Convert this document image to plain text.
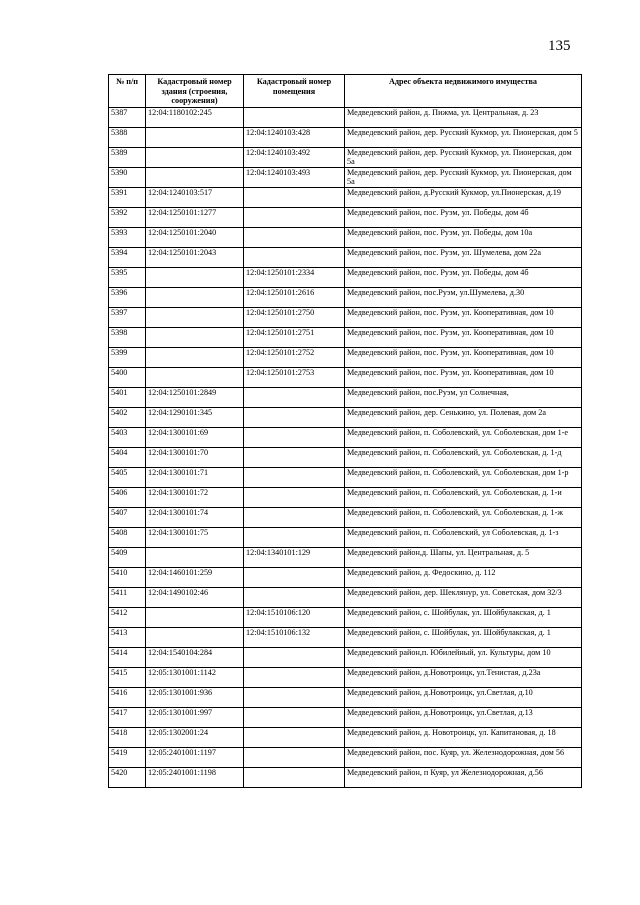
135
№ п/п	Кадастровый номер здания (строения, сооружения)	Кадастровый номер помещения	Адрес объекта недвижимого имущества
5387	12:04:1180102:245		Медведевский район, д. Пижма, ул. Центральная, д. 23
5388		12:04:1240103:428	Медведевский район, дер. Русский Кукмор, ул. Пионерская, дом 5
5389		12:04:1240103:492	Медведевский район, дер. Русский Кукмор, ул. Пионерская, дом 5а
5390		12:04:1240103:493	Медведевский район, дер. Русский Кукмор, ул. Пионерская, дом 5а
5391	12:04:1240103:517		Медведевский район, д.Русский Кукмор, ул.Пионерская, д.19
5392	12:04:1250101:1277		Медведевский район, пос. Руэм, ул. Победы, дом 4б
5393	12:04:1250101:2040		Медведевский район, пос. Руэм, ул. Победы, дом 10а
5394	12:04:1250101:2043		Медведевский район, пос. Руэм, ул. Шумелева, дом 22а
5395		12:04:1250101:2334	Медведевский район, пос. Руэм, ул. Победы, дом 4б
5396		12:04:1250101:2616	Медведевский район, пос.Руэм, ул.Шумелева, д.30
5397		12:04:1250101:2750	Медведевский район, пос. Руэм, ул. Кооперативная, дом 10
5398		12:04:1250101:2751	Медведевский район, пос. Руэм, ул. Кооперативная, дом 10
5399		12:04:1250101:2752	Медведевский район, пос. Руэм, ул. Кооперативная, дом 10
5400		12:04:1250101:2753	Медведевский район, пос. Руэм, ул. Кооперативная, дом 10
5401	12:04:1250101:2849		Медведевский район, пос.Руэм, ул Солнечная,
5402	12:04:1290101:345		Медведевский район, дер. Сенькино, ул. Полевая, дом 2а
5403	12:04:1300101:69		Медведевский район, п. Соболевский, ул. Соболевская, дом 1-е
5404	12:04:1300101:70		Медведевский район, п. Соболевский, ул. Соболевская, д. 1-д
5405	12:04:1300101:71		Медведевский район, п. Соболевский, ул. Соболевская, дом 1-р
5406	12:04:1300101:72		Медведевский район, п. Соболевский, ул. Соболевская, д. 1-и
5407	12:04:1300101:74		Медведевский район, п. Соболевский, ул. Соболевская, д. 1-ж
5408	12:04:1300101:75		Медведевский район, п. Соболевский, ул Соболевская, д. 1-з
5409		12:04:1340101:129	Медведевский район,д. Шапы, ул. Центральная, д. 5
5410	12:04:1460101:259		Медведевский район, д. Федоскино, д. 112
5411	12:04:1490102:46		Медведевский район, дер. Шеклянур, ул. Советская, дом 32/3
5412		12:04:1510106:120	Медведевский район, с. Шойбулак, ул. Шойбулакская, д. 1
5413		12:04:1510106:132	Медведевский район, с. Шойбулак, ул. Шойбулакская, д. 1
5414	12:04:1540104:284		Медведевский район,п. Юбилейный, ул. Культуры, дом 10
5415	12:05:1301001:1142		Медведевский район, д.Новотроицк, ул.Тенистая, д.23а
5416	12:05:1301001:936		Медведевский район, д.Новотроицк, ул.Светлая, д.10
5417	12:05:1301001:997		Медведевский район, д.Новотроицк, ул.Светлая, д.13
5418	12:05:1302001:24		Медведевский район, д. Новотроицк, ул. Капитановая, д. 18
5419	12:05:2401001:1197		Медведевский район, пос. Куяр, ул. Железнодорожная, дом 56
5420	12:05:2401001:1198		Медведевский район, п Куяр, ул Железнодорожная, д.56
